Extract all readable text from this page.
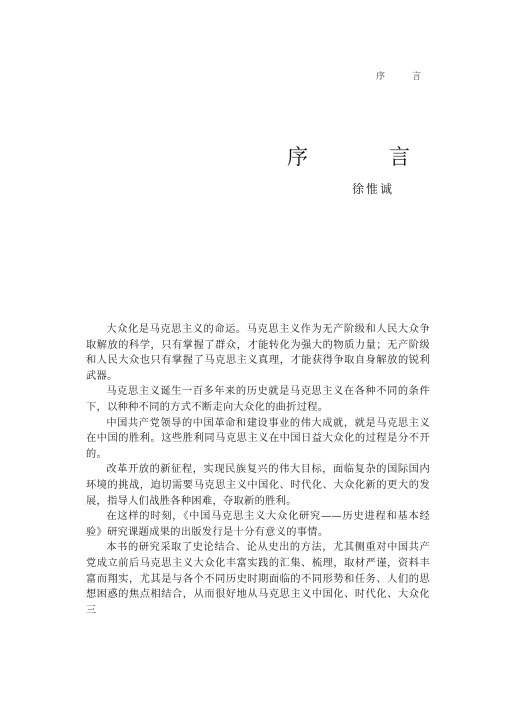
序　言
序　言
徐惟诚

大众化是马克思主义的命运。马克思主义作为无产阶级和人民大众争取解放的科学，只有掌握了群众，才能转化为强大的物质力量；无产阶级和人民大众也只有掌握了马克思主义真理，才能获得争取自身解放的锐利武器。

马克思主义诞生一百多年来的历史就是马克思主义在各种不同的条件下，以种种不同的方式不断走向大众化的曲折过程。

中国共产党领导的中国革命和建设事业的伟大成就，就是马克思主义在中国的胜利。这些胜利同马克思主义在中国日益大众化的过程是分不开的。

改革开放的新征程，实现民族复兴的伟大目标，面临复杂的国际国内环境的挑战，迫切需要马克思主义中国化、时代化、大众化新的更大的发展，指导人们战胜各种困难，夺取新的胜利。

在这样的时刻，《中国马克思主义大众化研究——历史进程和基本经验》研究课题成果的出版发行是十分有意义的事情。

本书的研究采取了史论结合、论从史出的方法，尤其侧重对中国共产党成立前后马克思主义大众化丰富实践的汇集、梳理，取材严谨，资料丰富而翔实，尤其是与各个不同历史时期面临的不同形势和任务、人们的思想困惑的焦点相结合，从而很好地从马克思主义中国化、时代化、大众化三
